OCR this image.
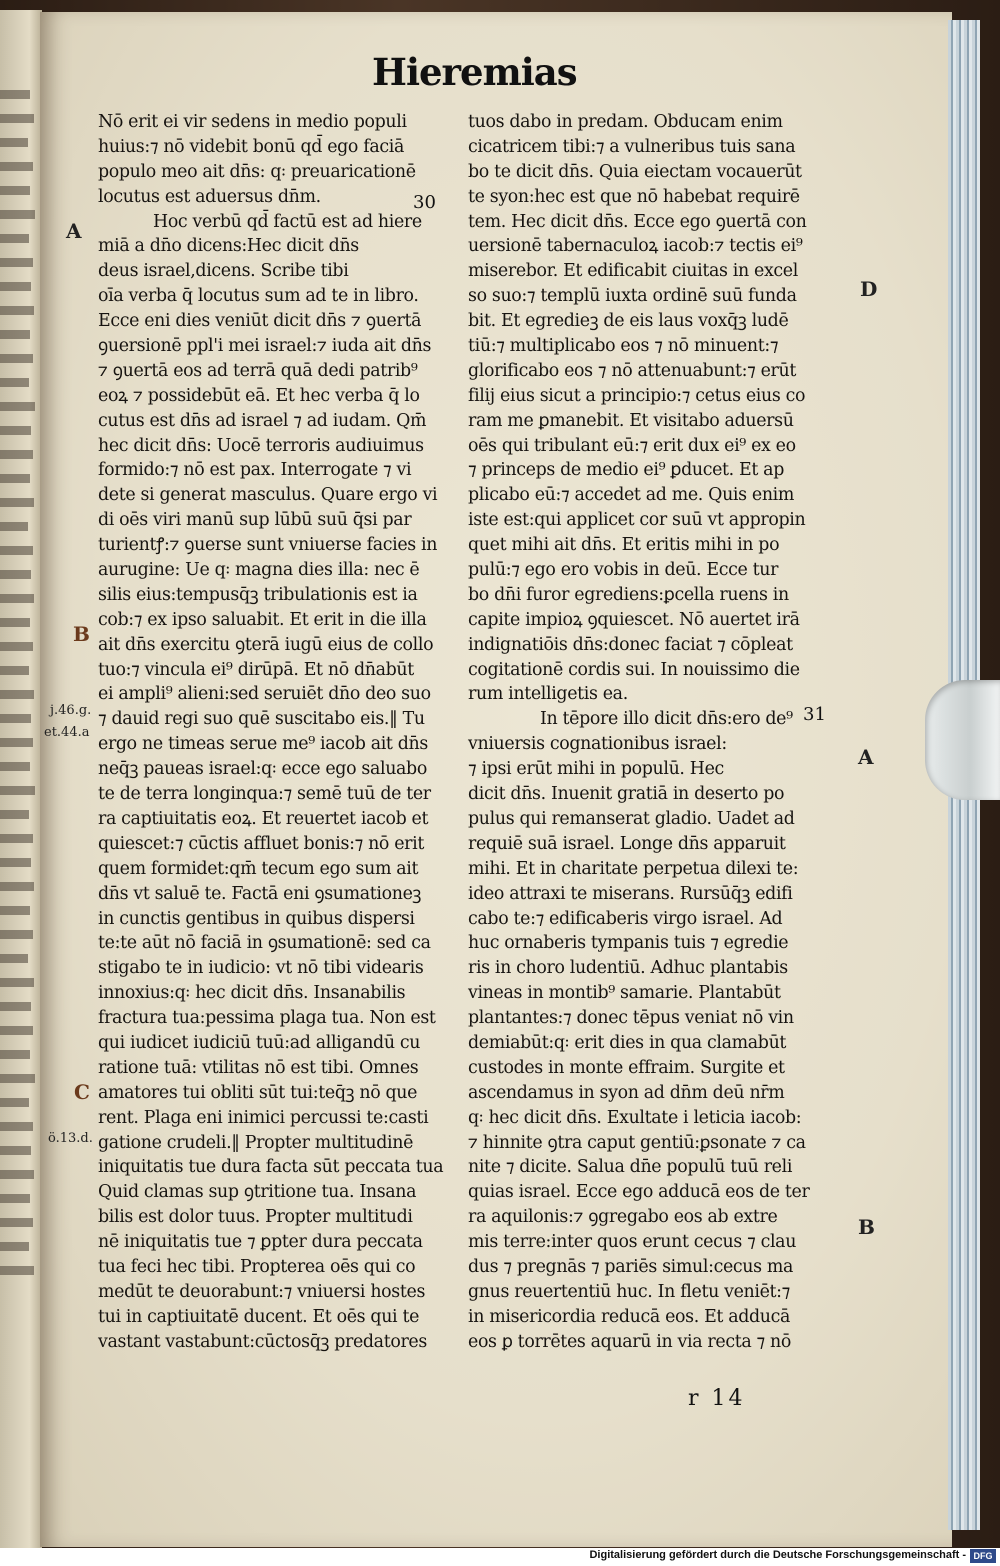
Hieremias
Nō erit ei vir sedens in medio populi
huius:⁊ nō videbit bonū qd̄ ego faciā
populo meo ait dn̄s: q꞉ preuaricationē
locutus est aduersus dn̄m.
Hoc verbū qd̄ factū est ad hiere
miā a dn̄o dicens:Hec dicit dn̄s
deus israel,dicens. Scribe tibi
oīa verba q̄ locutus sum ad te in libro.
Ecce eni dies veniūt dicit dn̄s ⁊ ꝯuertā
ꝯuersionē ppl'i mei israel:⁊ iuda ait dn̄s
⁊ ꝯuertā eos ad terrā quā dedi patrib⁹
eoꝝ ⁊ possidebūt eā. Et hec verba q̄ lo
cutus est dn̄s ad israel ⁊ ad iudam. Qm̄
hec dicit dn̄s: Uocē terroris audiuimus
formido:⁊ nō est pax. Interrogate ⁊ vi
dete si generat masculus. Quare ergo vi
di oēs viri manū sup lūbū suū q̄si par
turientꝭ:⁊ ꝯuerse sunt vniuerse facies in
aurugine: Ue q꞉ magna dies illa: nec ē
silis eius:tempusq̄ꝫ tribulationis est ia
cob:⁊ ex ipso saluabit. Et erit in die illa
ait dn̄s exercitu ꝯterā iugū eius de collo
tuo:⁊ vincula ei⁹ dirūpā. Et nō dn̄abūt
ei ampli⁹ alieni:sed seruiēt dn̄o deo suo
⁊ dauid regi suo quē suscitabo eis.‖ Tu
ergo ne timeas serue me⁹ iacob ait dn̄s
neq̄ꝫ paueas israel:q꞉ ecce ego saluabo
te de terra longinqua:⁊ semē tuū de ter
ra captiuitatis eoꝝ. Et reuertet iacob et
quiescet:⁊ cūctis affluet bonis:⁊ nō erit
quem formidet:qm̄ tecum ego sum ait
dn̄s vt saluē te. Factā eni ꝯsumationeꝫ
in cunctis gentibus in quibus dispersi
te:te aūt nō faciā in ꝯsumationē: sed ca
stigabo te in iudicio: vt nō tibi videaris
innoxius:q꞉ hec dicit dn̄s. Insanabilis
fractura tua:pessima plaga tua. Non est
qui iudicet iudiciū tuū:ad alligandū cu
ratione tuā: vtilitas nō est tibi. Omnes
amatores tui obliti sūt tui:teq̄ꝫ nō que
rent. Plaga eni inimici percussi te:casti
gatione crudeli.‖ Propter multitudinē
iniquitatis tue dura facta sūt peccata tua
Quid clamas sup ꝯtritione tua. Insana
bilis est dolor tuus. Propter multitudi
nē iniquitatis tue ⁊ ꝑpter dura peccata
tua feci hec tibi. Propterea oēs qui co
medūt te deuorabunt:⁊ vniuersi hostes
tui in captiuitatē ducent. Et oēs qui te
vastant vastabunt:cūctosq̄ꝫ predatores
tuos dabo in predam. Obducam enim
cicatricem tibi:⁊ a vulneribus tuis sana
bo te dicit dn̄s. Quia eiectam vocauerūt
te syon:hec est que nō habebat requirē
tem. Hec dicit dn̄s. Ecce ego ꝯuertā con
uersionē tabernaculoꝝ iacob:⁊ tectis ei⁹
miserebor. Et edificabit ciuitas in excel
so suo:⁊ templū iuxta ordinē suū funda
bit. Et egredieꝫ de eis laus voxq̄ꝫ ludē
tiū:⁊ multiplicabo eos ⁊ nō minuent:⁊
glorificabo eos ⁊ nō attenuabunt:⁊ erūt
filij eius sicut a principio:⁊ cetus eius co
ram me ꝑmanebit. Et visitabo aduersū
oēs qui tribulant eū:⁊ erit dux ei⁹ ex eo
⁊ princeps de medio ei⁹ ꝑducet. Et ap
plicabo eū:⁊ accedet ad me. Quis enim
iste est:qui applicet cor suū vt appropin
quet mihi ait dn̄s. Et eritis mihi in po
pulū:⁊ ego ero vobis in deū. Ecce tur
bo dn̄i furor egrediens:ꝑcella ruens in
capite impioꝝ ꝯquiescet. Nō auertet irā
indignatiōis dn̄s:donec faciat ⁊ cōpleat
cogitationē cordis sui. In nouissimo die
rum intelligetis ea.
In tēpore illo dicit dn̄s:ero de⁹
vniuersis cognationibus israel:
⁊ ipsi erūt mihi in populū. Hec
dicit dn̄s. Inuenit gratiā in deserto po
pulus qui remanserat gladio. Uadet ad
requiē suā israel. Longe dn̄s apparuit
mihi. Et in charitate perpetua dilexi te:
ideo attraxi te miserans. Rursūq̄ꝫ edifi
cabo te:⁊ edificaberis virgo israel. Ad
huc ornaberis tympanis tuis ⁊ egredie
ris in choro ludentiū. Adhuc plantabis
vineas in montib⁹ samarie. Plantabūt
plantantes:⁊ donec tēpus veniat nō vin
demiabūt:q꞉ erit dies in qua clamabūt
custodes in monte effraim. Surgite et
ascendamus in syon ad dn̄m deū nr̄m
q꞉ hec dicit dn̄s. Exultate i leticia iacob:
⁊ hinnite ꝯtra caput gentiū:ꝑsonate ⁊ ca
nite ⁊ dicite. Salua dn̄e populū tuū reli
quias israel. Ecce ego adducā eos de ter
ra aquilonis:⁊ ꝯgregabo eos ab extre
mis terre:inter quos erunt cecus ⁊ clau
dus ⁊ pregnās ⁊ pariēs simul:cecus ma
gnus reuertentiū huc. In fletu veniēt:⁊
in misericordia reducā eos. Et adducā
eos ꝑ torrētes aquarū in via recta ⁊ nō
30
31
A
B
C
D
A
B
j.46.g.
et.44.a
ö.13.d.
r 14
Digitalisierung gefördert durch die Deutsche Forschungsgemeinschaft - DFG
